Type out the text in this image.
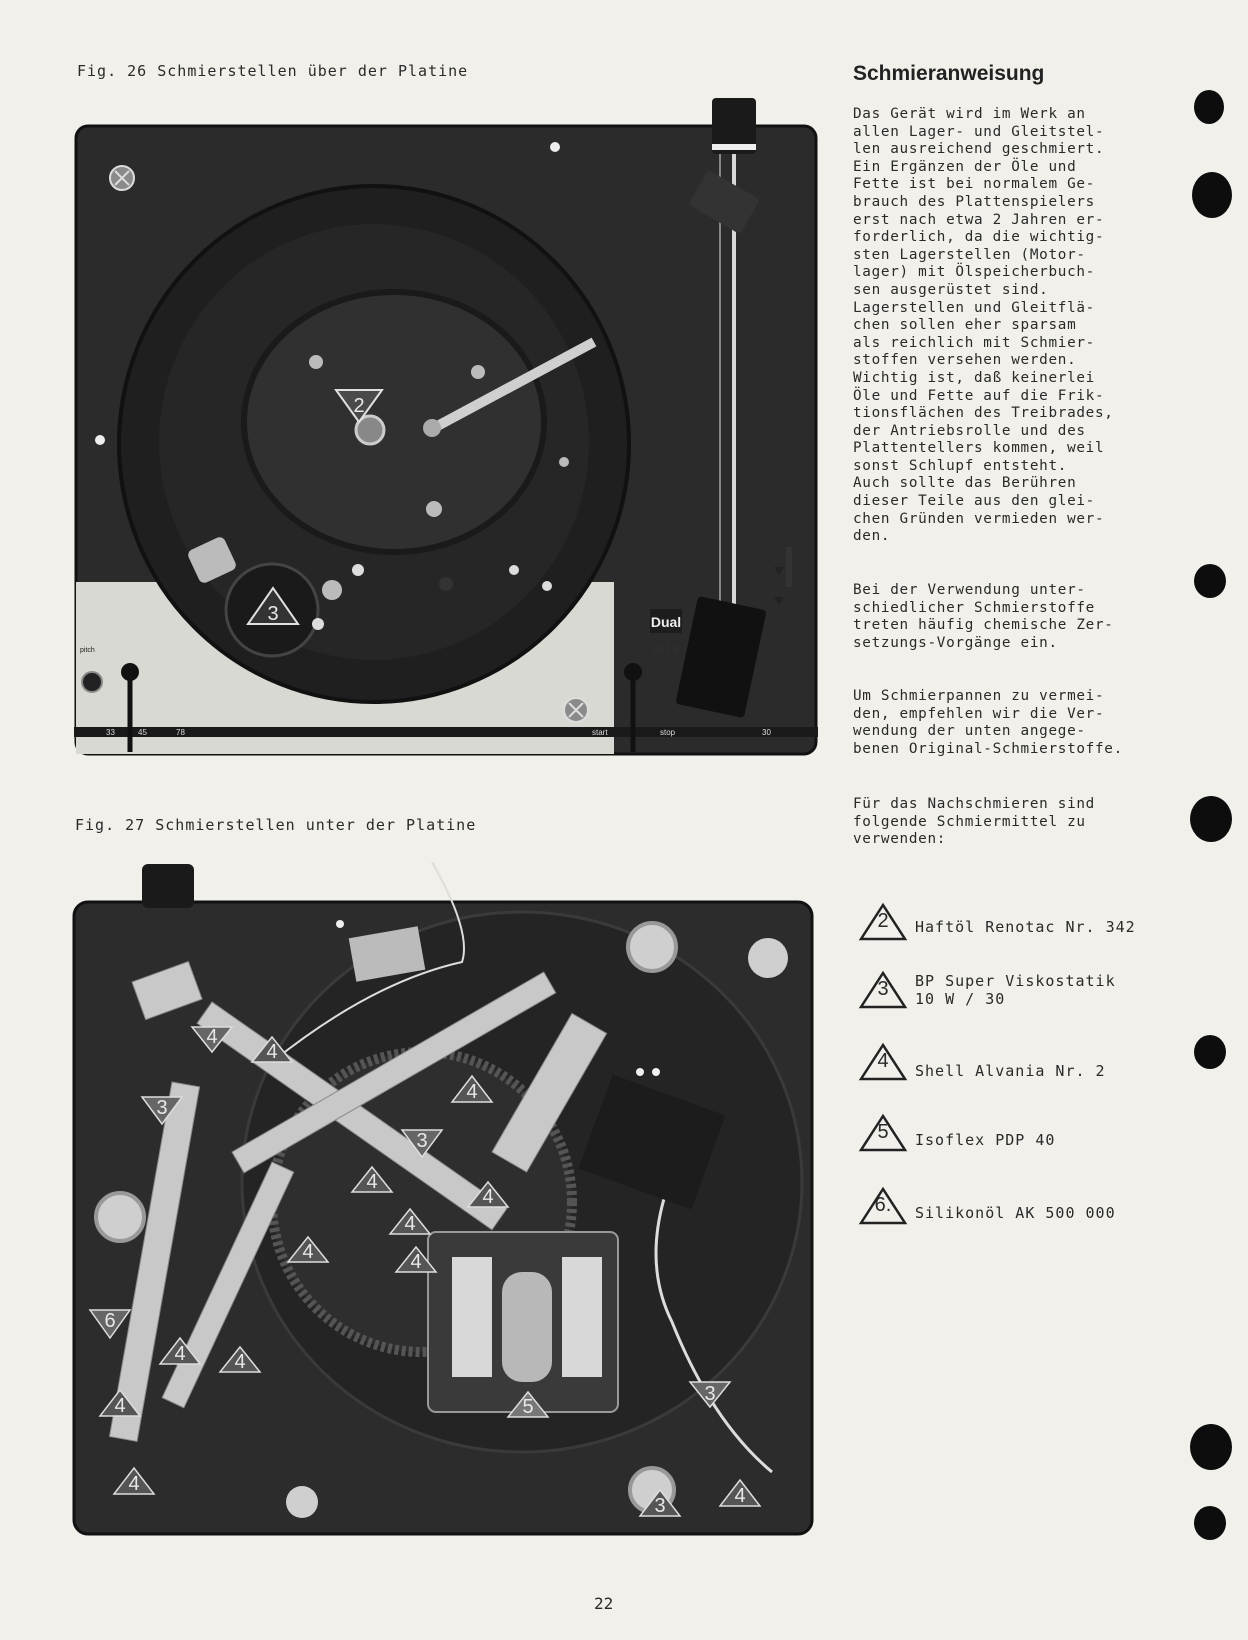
Fig. 26 Schmierstellen über der Platine
Fig. 27 Schmierstellen unter der Platine
Dual
1215
pitch
33	45	78	start	stop	30
2
3
4
4
3
4
3
4
4
4
4	4
6
4 4
4
4
5
3
3	4
Schmieranweisung
Das Gerät wird im Werk an
allen Lager- und Gleitstel-
len ausreichend geschmiert.
Ein Ergänzen der Öle und
Fette ist bei normalem Ge-
brauch des Plattenspielers
erst nach etwa 2 Jahren er-
forderlich, da die wichtig-
sten Lagerstellen (Motor-
lager) mit Ölspeicherbuch-
sen ausgerüstet sind.
Lagerstellen und Gleitflä-
chen sollen eher sparsam
als reichlich mit Schmier-
stoffen versehen werden.
Wichtig ist, daß keinerlei
Öle und Fette auf die Frik-
tionsflächen des Treibrades,
der Antriebsrolle und des
Plattentellers kommen, weil
sonst Schlupf entsteht.
Auch sollte das Berühren
dieser Teile aus den glei-
chen Gründen vermieden wer-
den.
Bei der Verwendung unter-
schiedlicher Schmierstoffe
treten häufig chemische Zer-
setzungs-Vorgänge ein.
Um Schmierpannen zu vermei-
den, empfehlen wir die Ver-
wendung der unten angege-
benen Original-Schmierstoffe.
Für das Nachschmieren sind
folgende Schmiermittel zu
verwenden:
2	Haftöl Renotac Nr. 342
3	BP Super Viskostatik
10 W / 30
4	Shell Alvania Nr. 2
5	Isoflex PDP 40
6.	Silikonöl AK 500 000
22
